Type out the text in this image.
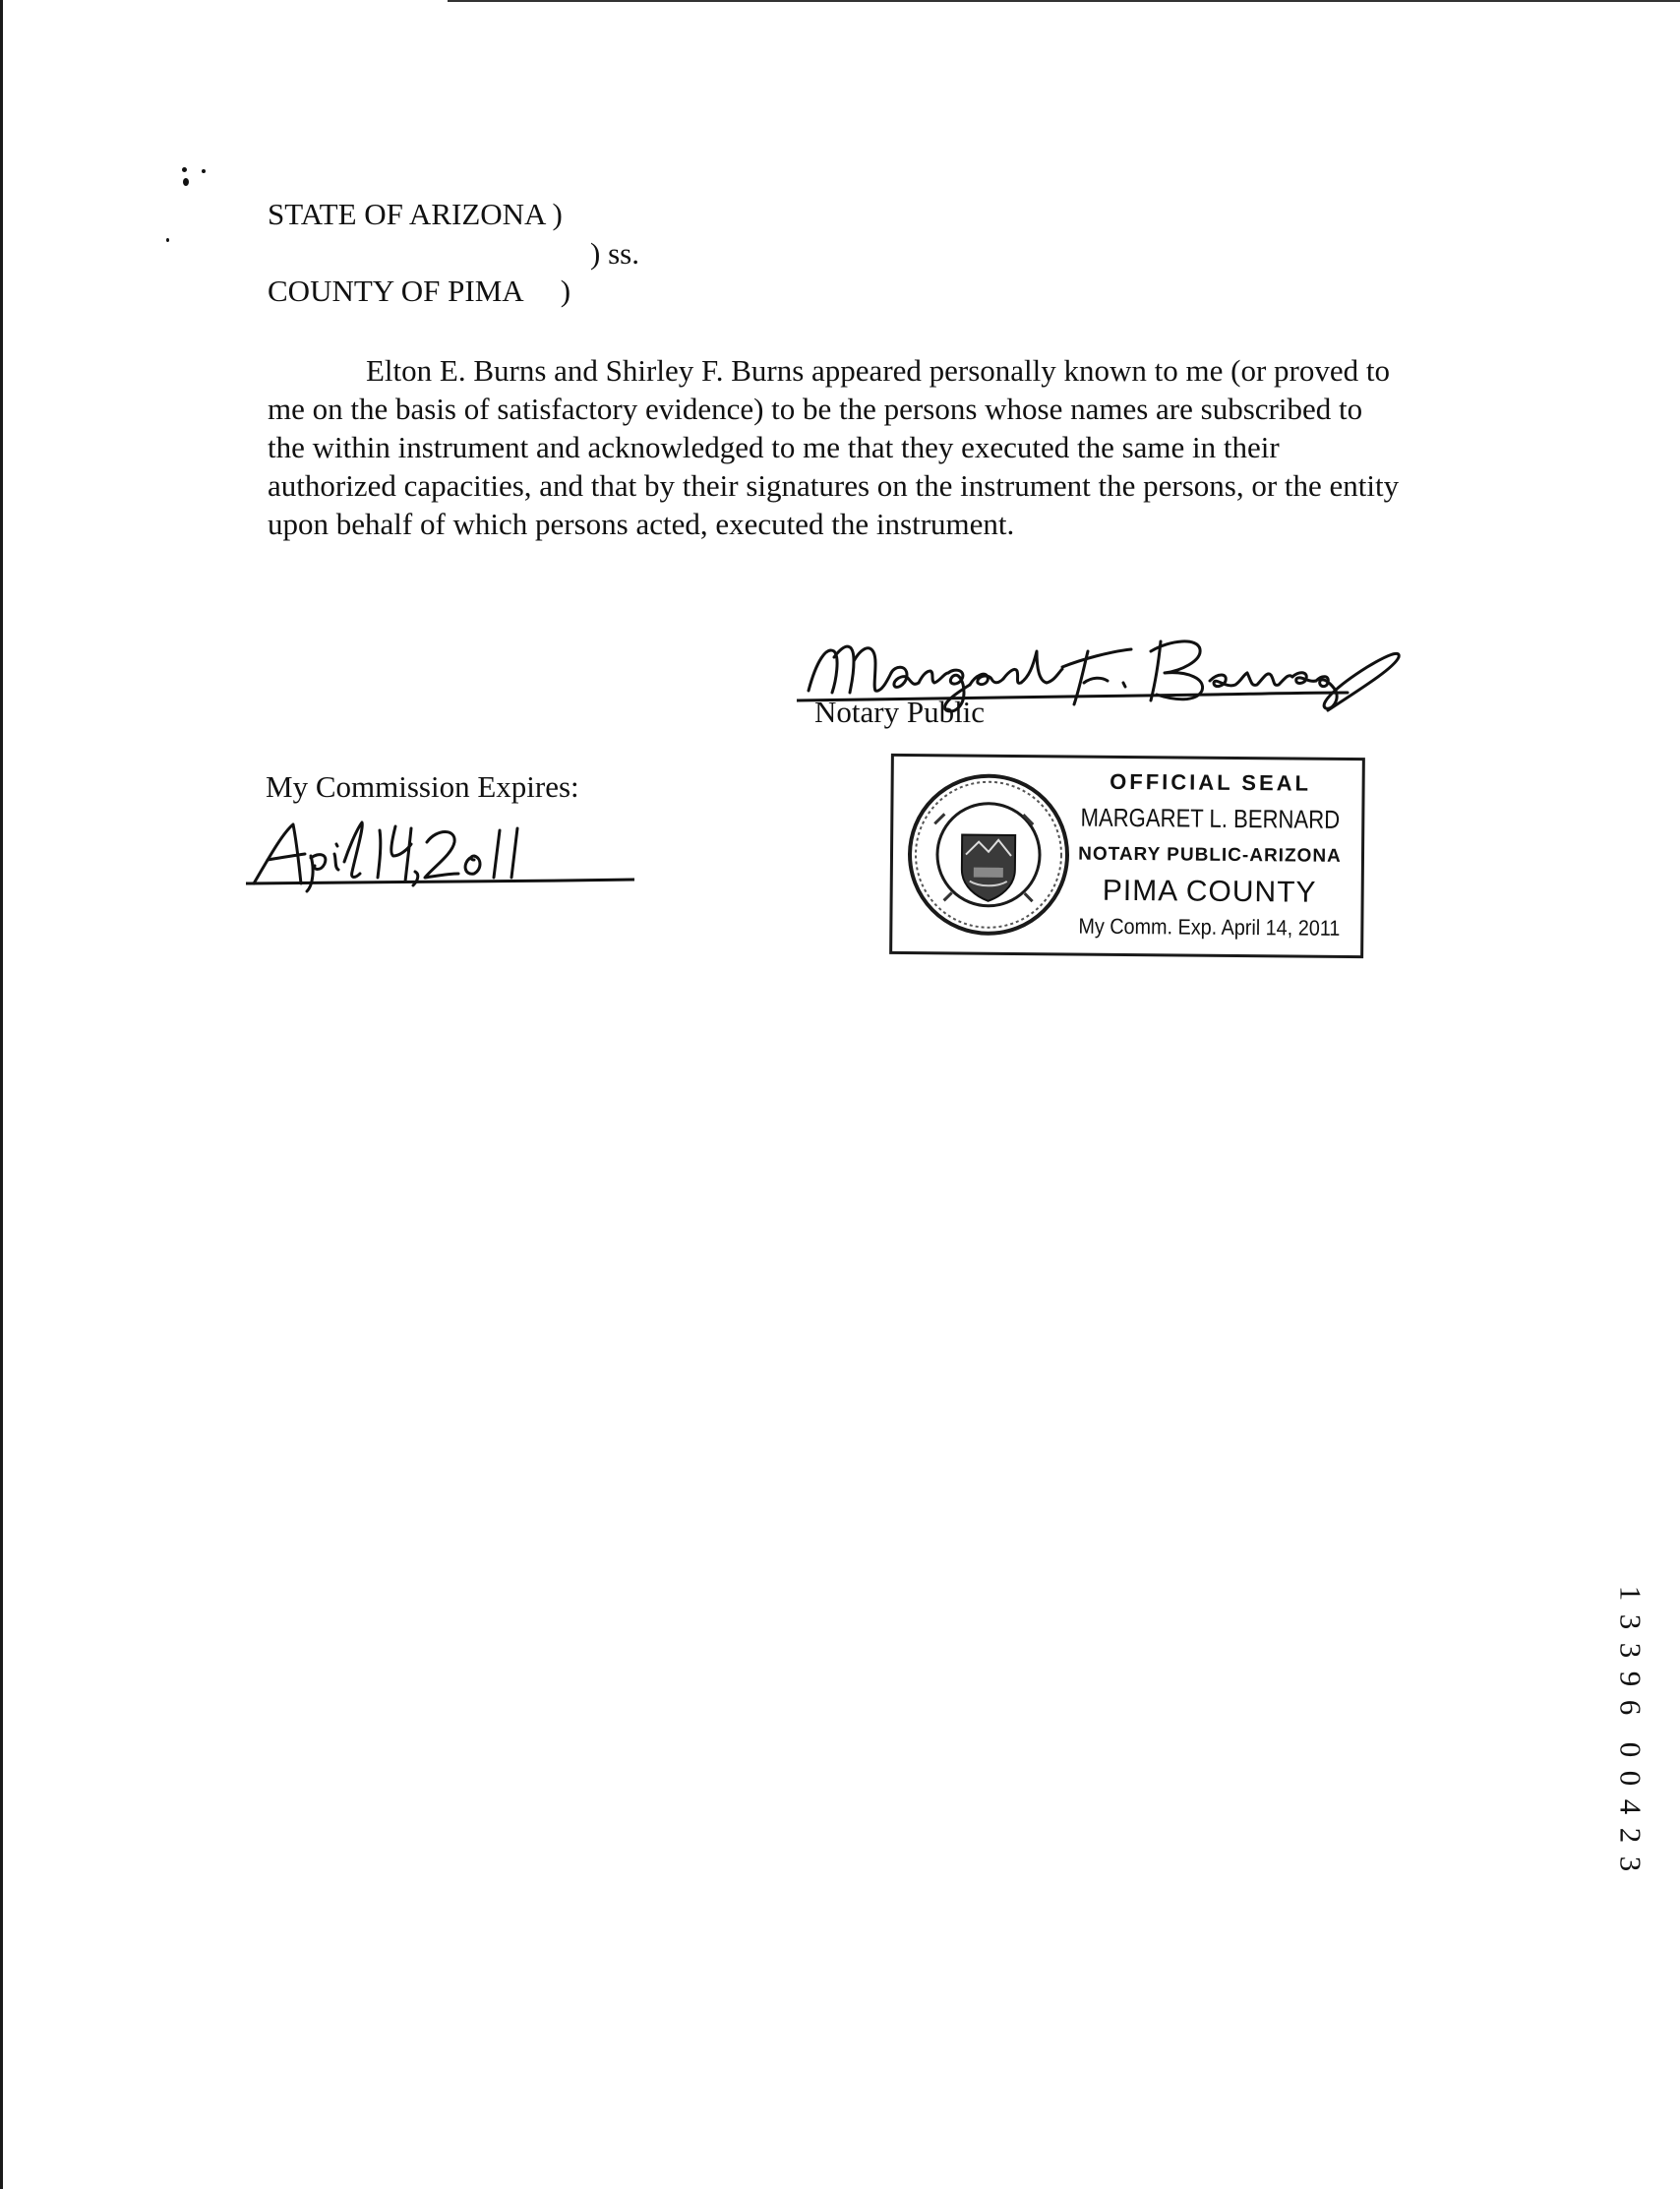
STATE OF ARIZONA )
) ss.
COUNTY OF PIMA     )
Elton E. Burns and Shirley F. Burns appeared personally known to me (or proved to
me on the basis of satisfactory evidence) to be the persons whose names are subscribed to
the within instrument and acknowledged to me that they executed the same in their
authorized capacities, and that by their signatures on the instrument the persons, or the entity
upon behalf of which persons acted, executed the instrument.
Notary Public
My Commission Expires:	OFFICIAL SEAL
MARGARET L. BERNARD
NOTARY PUBLIC-ARIZONA
PIMA COUNTY
My Comm. Exp. April 14, 2011
1
3
3
9
6
0
0
4
2
3
